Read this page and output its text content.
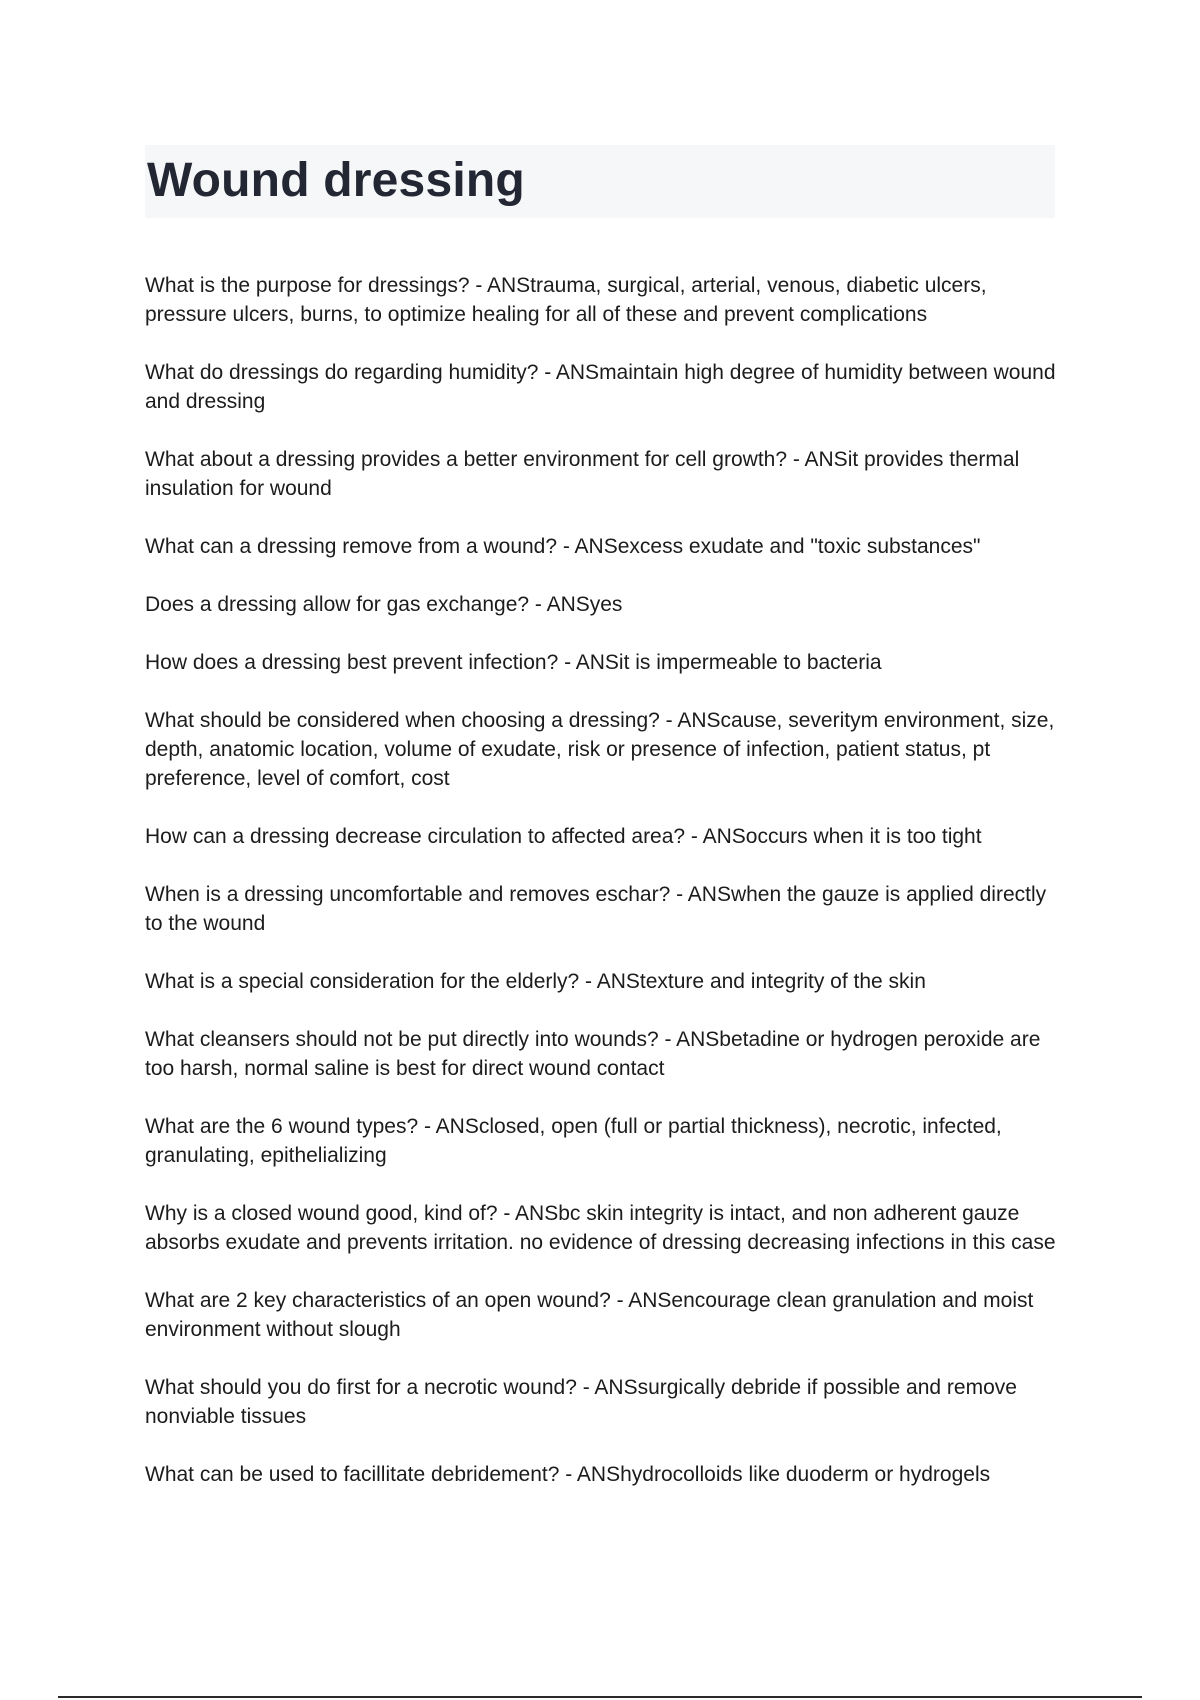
Wound dressing
What is the purpose for dressings? - ANStrauma, surgical, arterial, venous, diabetic ulcers, pressure ulcers, burns, to optimize healing for all of these and prevent complications
What do dressings do regarding humidity? - ANSmaintain high degree of humidity between wound and dressing
What about a dressing provides a better environment for cell growth? - ANSit provides thermal insulation for wound
What can a dressing remove from a wound? - ANSexcess exudate and "toxic substances"
Does a dressing allow for gas exchange? - ANSyes
How does a dressing best prevent infection? - ANSit is impermeable to bacteria
What should be considered when choosing a dressing? - ANScause, severitym environment, size, depth, anatomic location, volume of exudate, risk or presence of infection, patient status, pt preference, level of comfort, cost
How can a dressing decrease circulation to affected area? - ANSoccurs when it is too tight
When is a dressing uncomfortable and removes eschar? - ANSwhen the gauze is applied directly to the wound
What is a special consideration for the elderly? - ANStexture and integrity of the skin
What cleansers should not be put directly into wounds? - ANSbetadine or hydrogen peroxide are too harsh, normal saline is best for direct wound contact
What are the 6 wound types? - ANSclosed, open (full or partial thickness), necrotic, infected, granulating, epithelializing
Why is a closed wound good, kind of? - ANSbc skin integrity is intact, and non adherent gauze absorbs exudate and prevents irritation. no evidence of dressing decreasing infections in this case
What are 2 key characteristics of an open wound? - ANSencourage clean granulation and moist environment without slough
What should you do first for a necrotic wound? - ANSsurgically debride if possible and remove nonviable tissues
What can be used to facillitate debridement? - ANShydrocolloids like duoderm or hydrogels
